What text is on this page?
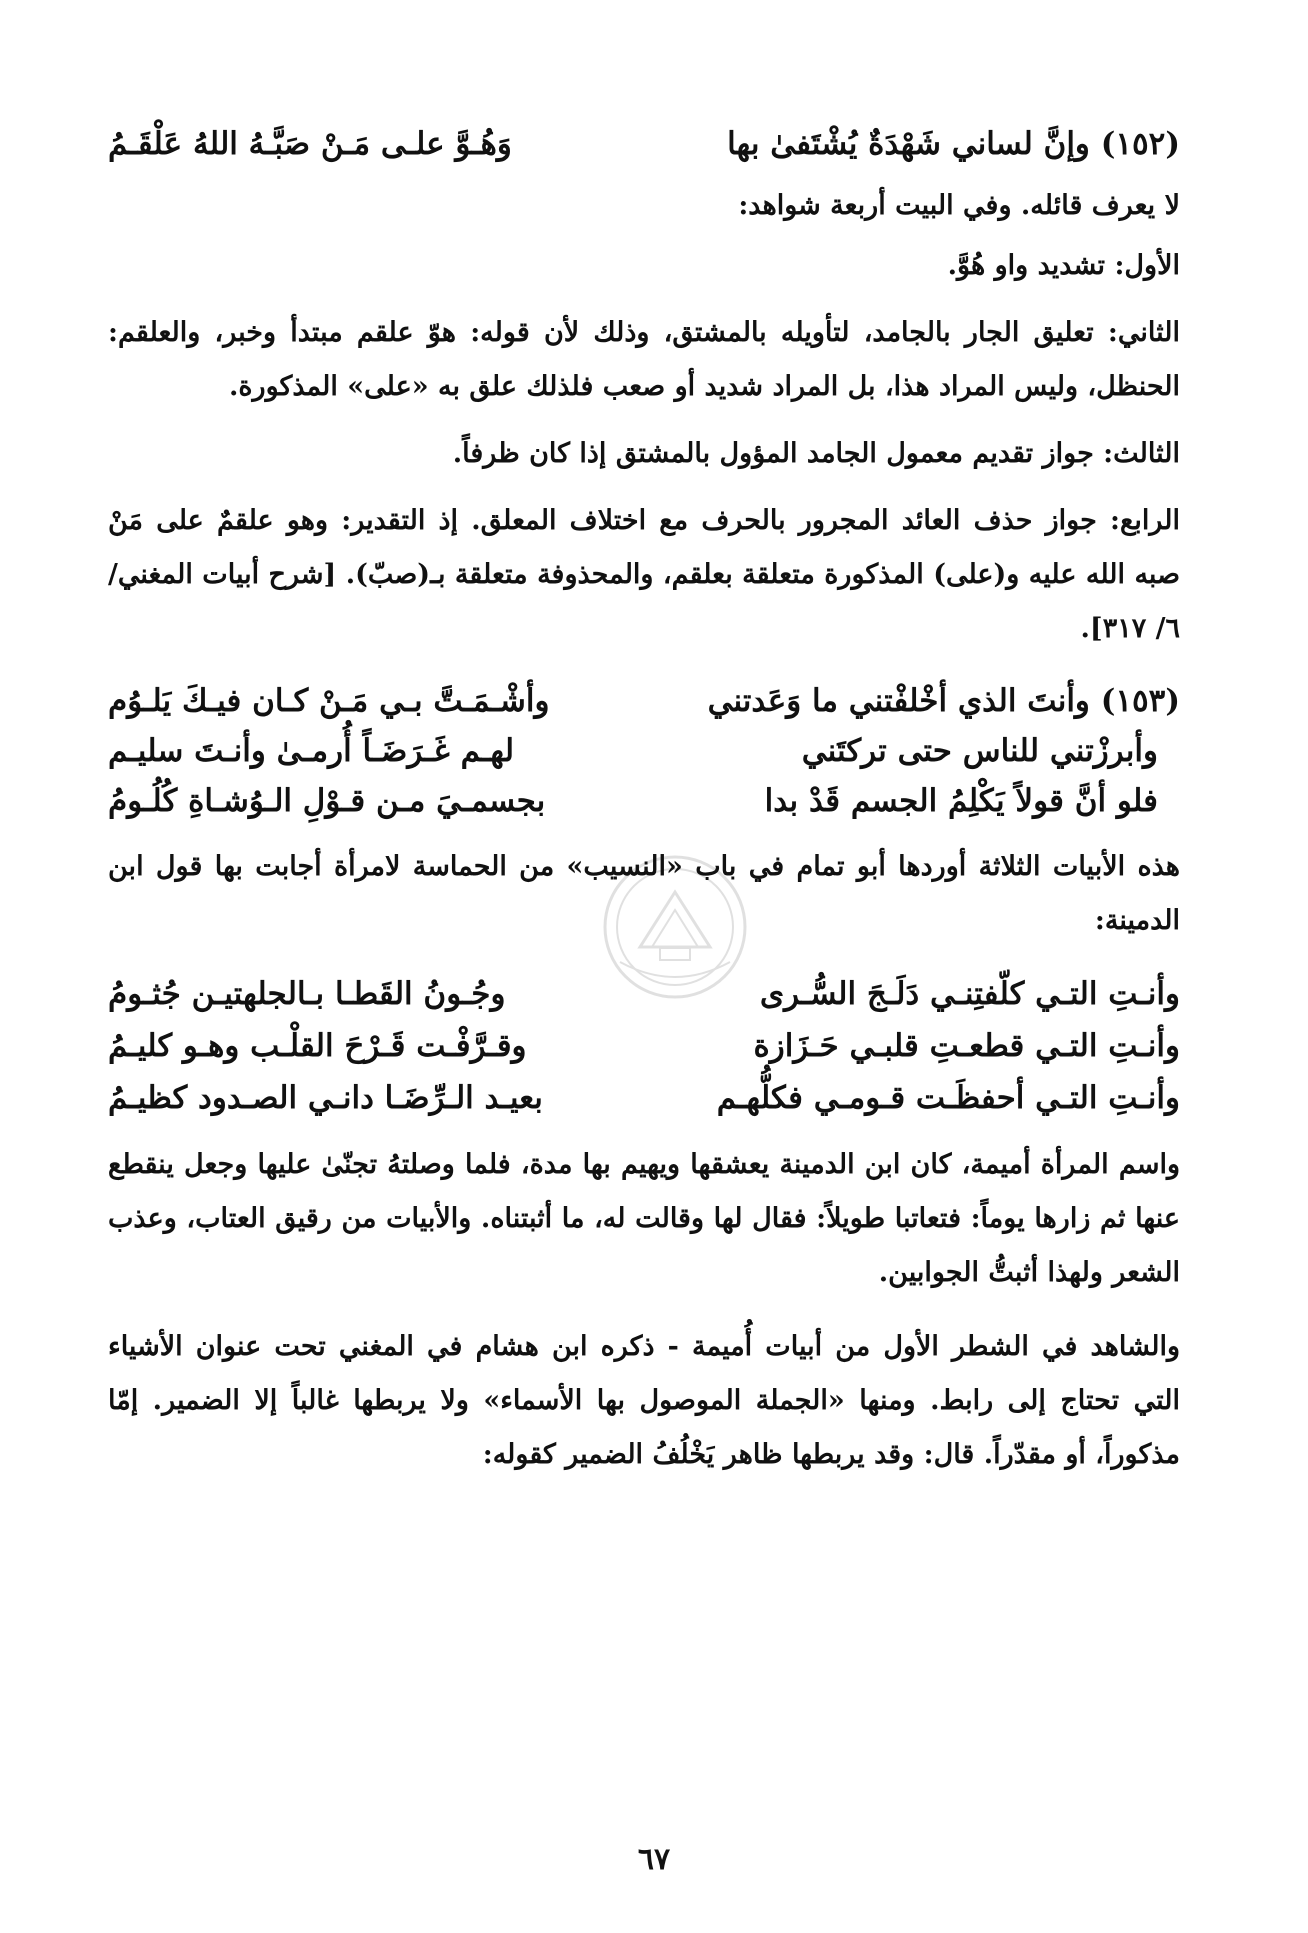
(١٥٢) وإنَّ لساني شَهْدَةٌ يُشْتَفىٰ بها
وَهُـوَّ علـى مَـنْ صَبَّـهُ اللهُ عَلْقَـمُ

لا يعرف قائله. وفي البيت أربعة شواهد:

الأول: تشديد واو هُوَّ.

الثاني: تعليق الجار بالجامد، لتأويله بالمشتق، وذلك لأن قوله: هوّ علقم مبتدأ وخبر، والعلقم: الحنظل، وليس المراد هذا، بل المراد شديد أو صعب فلذلك علق به «على» المذكورة.

الثالث: جواز تقديم معمول الجامد المؤول بالمشتق إذا كان ظرفاً.

الرابع: جواز حذف العائد المجرور بالحرف مع اختلاف المعلق. إذ التقدير: وهو علقمٌ على مَنْ صبه الله عليه و(على) المذكورة متعلقة بعلقم، والمحذوفة متعلقة بـ(صبّ). [شرح أبيات المغني/ ٦/ ٣١٧].

(١٥٣) وأنتَ الذي أخْلفْتني ما وَعَدتني
وأشْـمَـتَّ بـي مَـنْ كـان فيـكَ يَلـوُم
وأبرزْتني للناس حتى تركتَني
لهـم غَـرَضَـاً أُرمـىٰ وأنـتَ سليـم
فلو أنَّ قولاً يَكْلِمُ الجسم قَدْ بدا
بجسمـيَ مـن قـوْلِ الـوُشـاةِ كُلُـومُ

هذه الأبيات الثلاثة أوردها أبو تمام في باب «النسيب» من الحماسة لامرأة أجابت بها قول ابن الدمينة:

وأنـتِ التـي كلّفتِنـي دَلَـجَ السُّـرى
وجُـونُ القَطـا بـالجلهتيـن جُثـومُ
وأنـتِ التـي قطعـتِ قلبـي حَـزَازة
وقـرَّفْـت قَـرْحَ القلْـب وهـو كليـمُ
وأنـتِ التـي أحفظَـت قـومـي فكلُّهـم
بعيـد الـرِّضَـا دانـي الصـدود كظيـمُ

واسم المرأة أميمة، كان ابن الدمينة يعشقها ويهيم بها مدة، فلما وصلتهُ تجنّىٰ عليها وجعل ينقطع عنها ثم زارها يوماً: فتعاتبا طويلاً: فقال لها وقالت له، ما أثبتناه. والأبيات من رقيق العتاب، وعذب الشعر ولهذا أثبتُّ الجوابين.

والشاهد في الشطر الأول من أبيات أُميمة - ذكره ابن هشام في المغني تحت عنوان الأشياء التي تحتاج إلى رابط. ومنها «الجملة الموصول بها الأسماء» ولا يربطها غالباً إلا الضمير. إمّا مذكوراً، أو مقدّراً. قال: وقد يربطها ظاهر يَخْلُفُ الضمير كقوله:

٦٧
